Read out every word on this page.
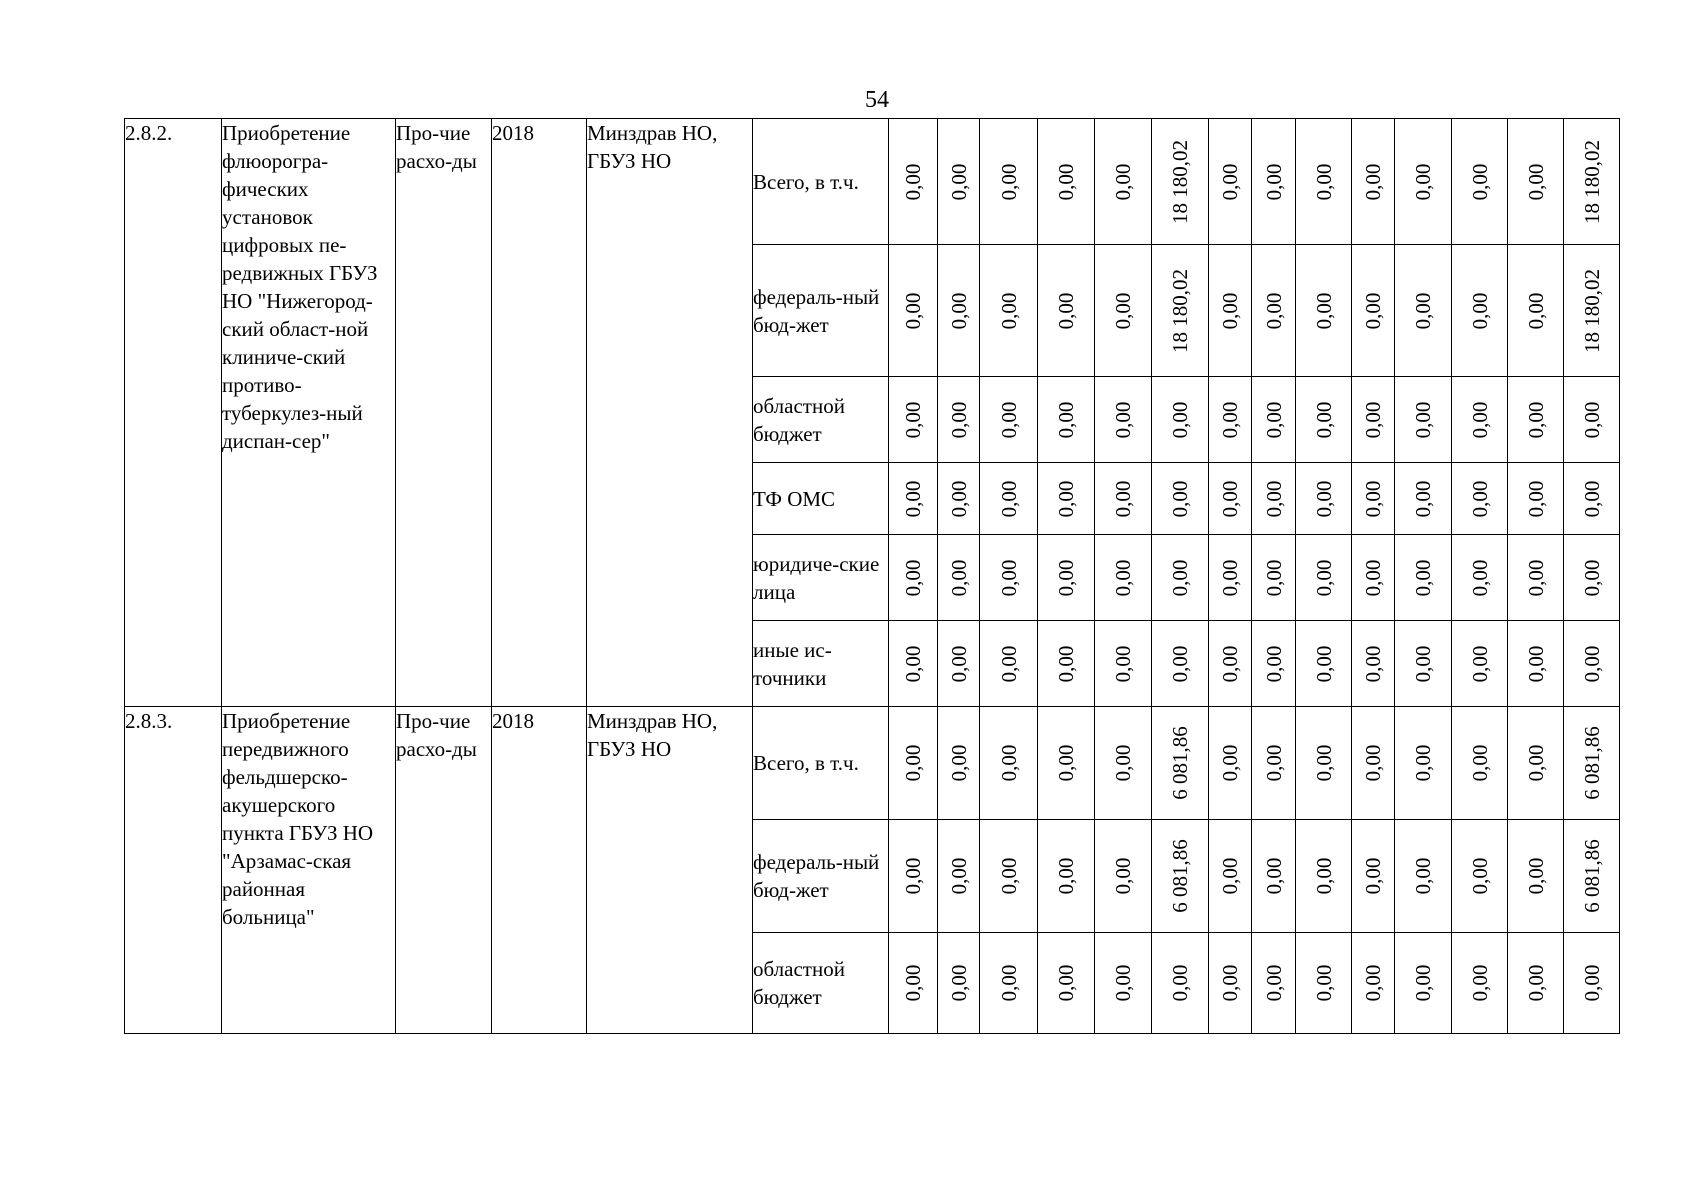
54
2.8.2.	Приобретение флюорогра-фических установок цифровых пе-редвижных ГБУЗ НО "Нижегород-ский област-ной клиниче-ский противо-туберкулез-ный диспан-сер"	Про-чие расхо-ды	2018	Минздрав НО, ГБУЗ НО	Всего, в т.ч.	0,00	0,00	0,00	0,00	0,00	18 180,02	0,00	0,00	0,00	0,00	0,00	0,00	0,00	18 180,02

					федераль-ный бюд-жет	0,00	0,00	0,00	0,00	0,00	18 180,02	0,00	0,00	0,00	0,00	0,00	0,00	0,00	18 180,02

					областной бюджет	0,00	0,00	0,00	0,00	0,00	0,00	0,00	0,00	0,00	0,00	0,00	0,00	0,00	0,00

					ТФ ОМС	0,00	0,00	0,00	0,00	0,00	0,00	0,00	0,00	0,00	0,00	0,00	0,00	0,00	0,00

					юридиче-ские лица	0,00	0,00	0,00	0,00	0,00	0,00	0,00	0,00	0,00	0,00	0,00	0,00	0,00	0,00

					иные ис-точники	0,00	0,00	0,00	0,00	0,00	0,00	0,00	0,00	0,00	0,00	0,00	0,00	0,00	0,00

2.8.3.	Приобретение передвижного фельдшерско-акушерского пункта ГБУЗ НО "Арзамас-ская районная больница"	Про-чие расхо-ды	2018	Минздрав НО, ГБУЗ НО	Всего, в т.ч.	0,00	0,00	0,00	0,00	0,00	6 081,86	0,00	0,00	0,00	0,00	0,00	0,00	0,00	6 081,86

					федераль-ный бюд-жет	0,00	0,00	0,00	0,00	0,00	6 081,86	0,00	0,00	0,00	0,00	0,00	0,00	0,00	6 081,86

					областной бюджет	0,00	0,00	0,00	0,00	0,00	0,00	0,00	0,00	0,00	0,00	0,00	0,00	0,00	0,00
